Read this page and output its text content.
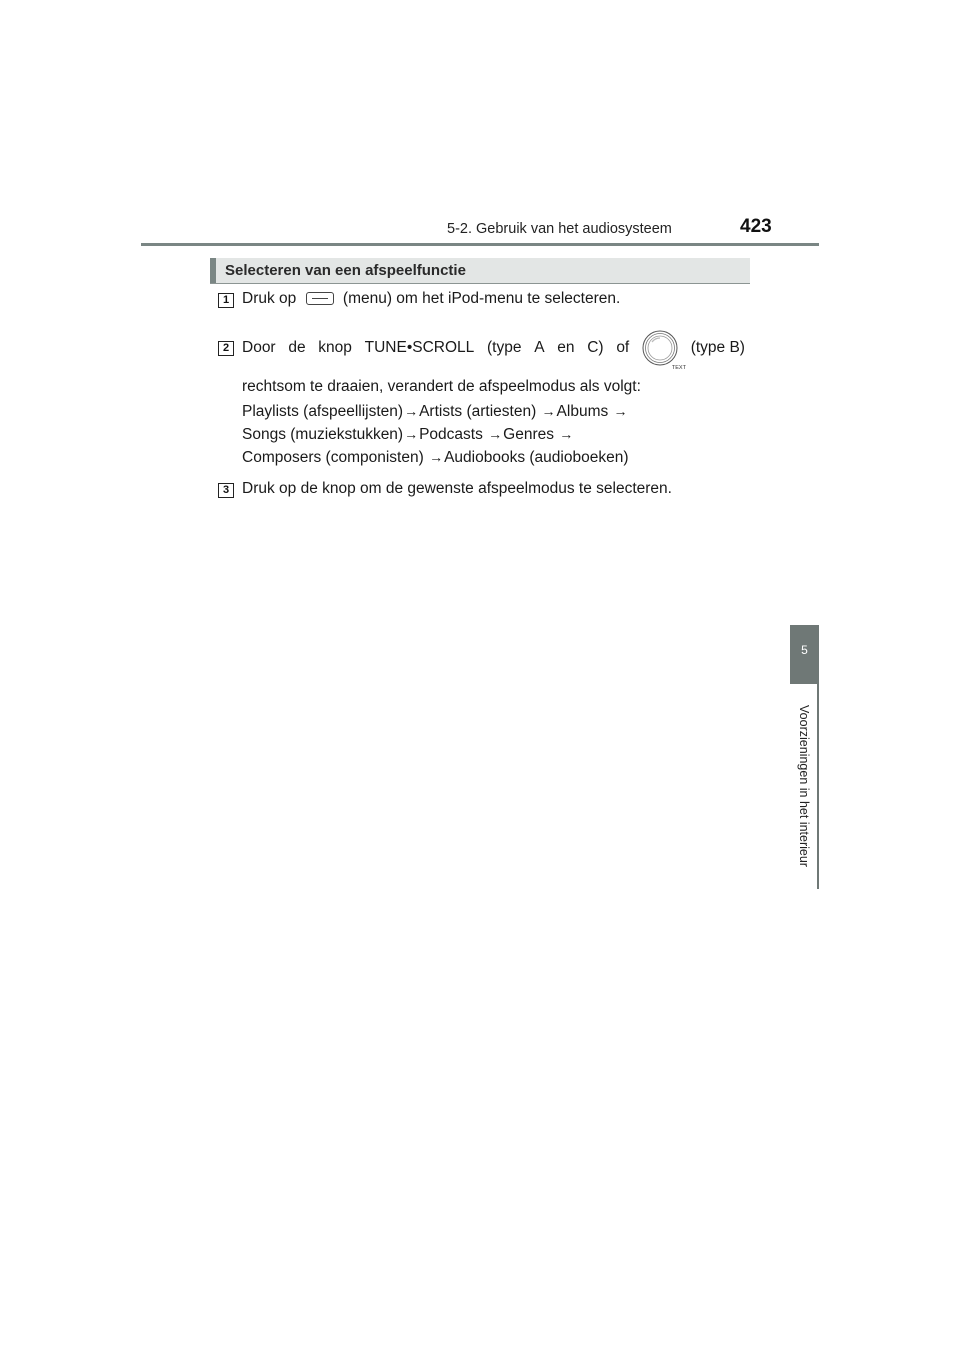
5-2. Gebruik van het audiosysteem	423
5
Voorzieningen in het interieur
Selecteren van een afspeelfunctie
1 Druk op	(menu) om het iPod-menu te selecteren.
2 Door de knop TUNE•SCROLL (type A en C) of
TEXT
(type B)
rechtsom te draaien, verandert de afspeelmodus als volgt:
Playlists (afspeellijsten)→Artists (artiesten) →Albums →
Songs (muziekstukken)→Podcasts →Genres →
Composers (componisten) →Audiobooks (audioboeken)
3 Druk op de knop om de gewenste afspeelmodus te selecteren.
